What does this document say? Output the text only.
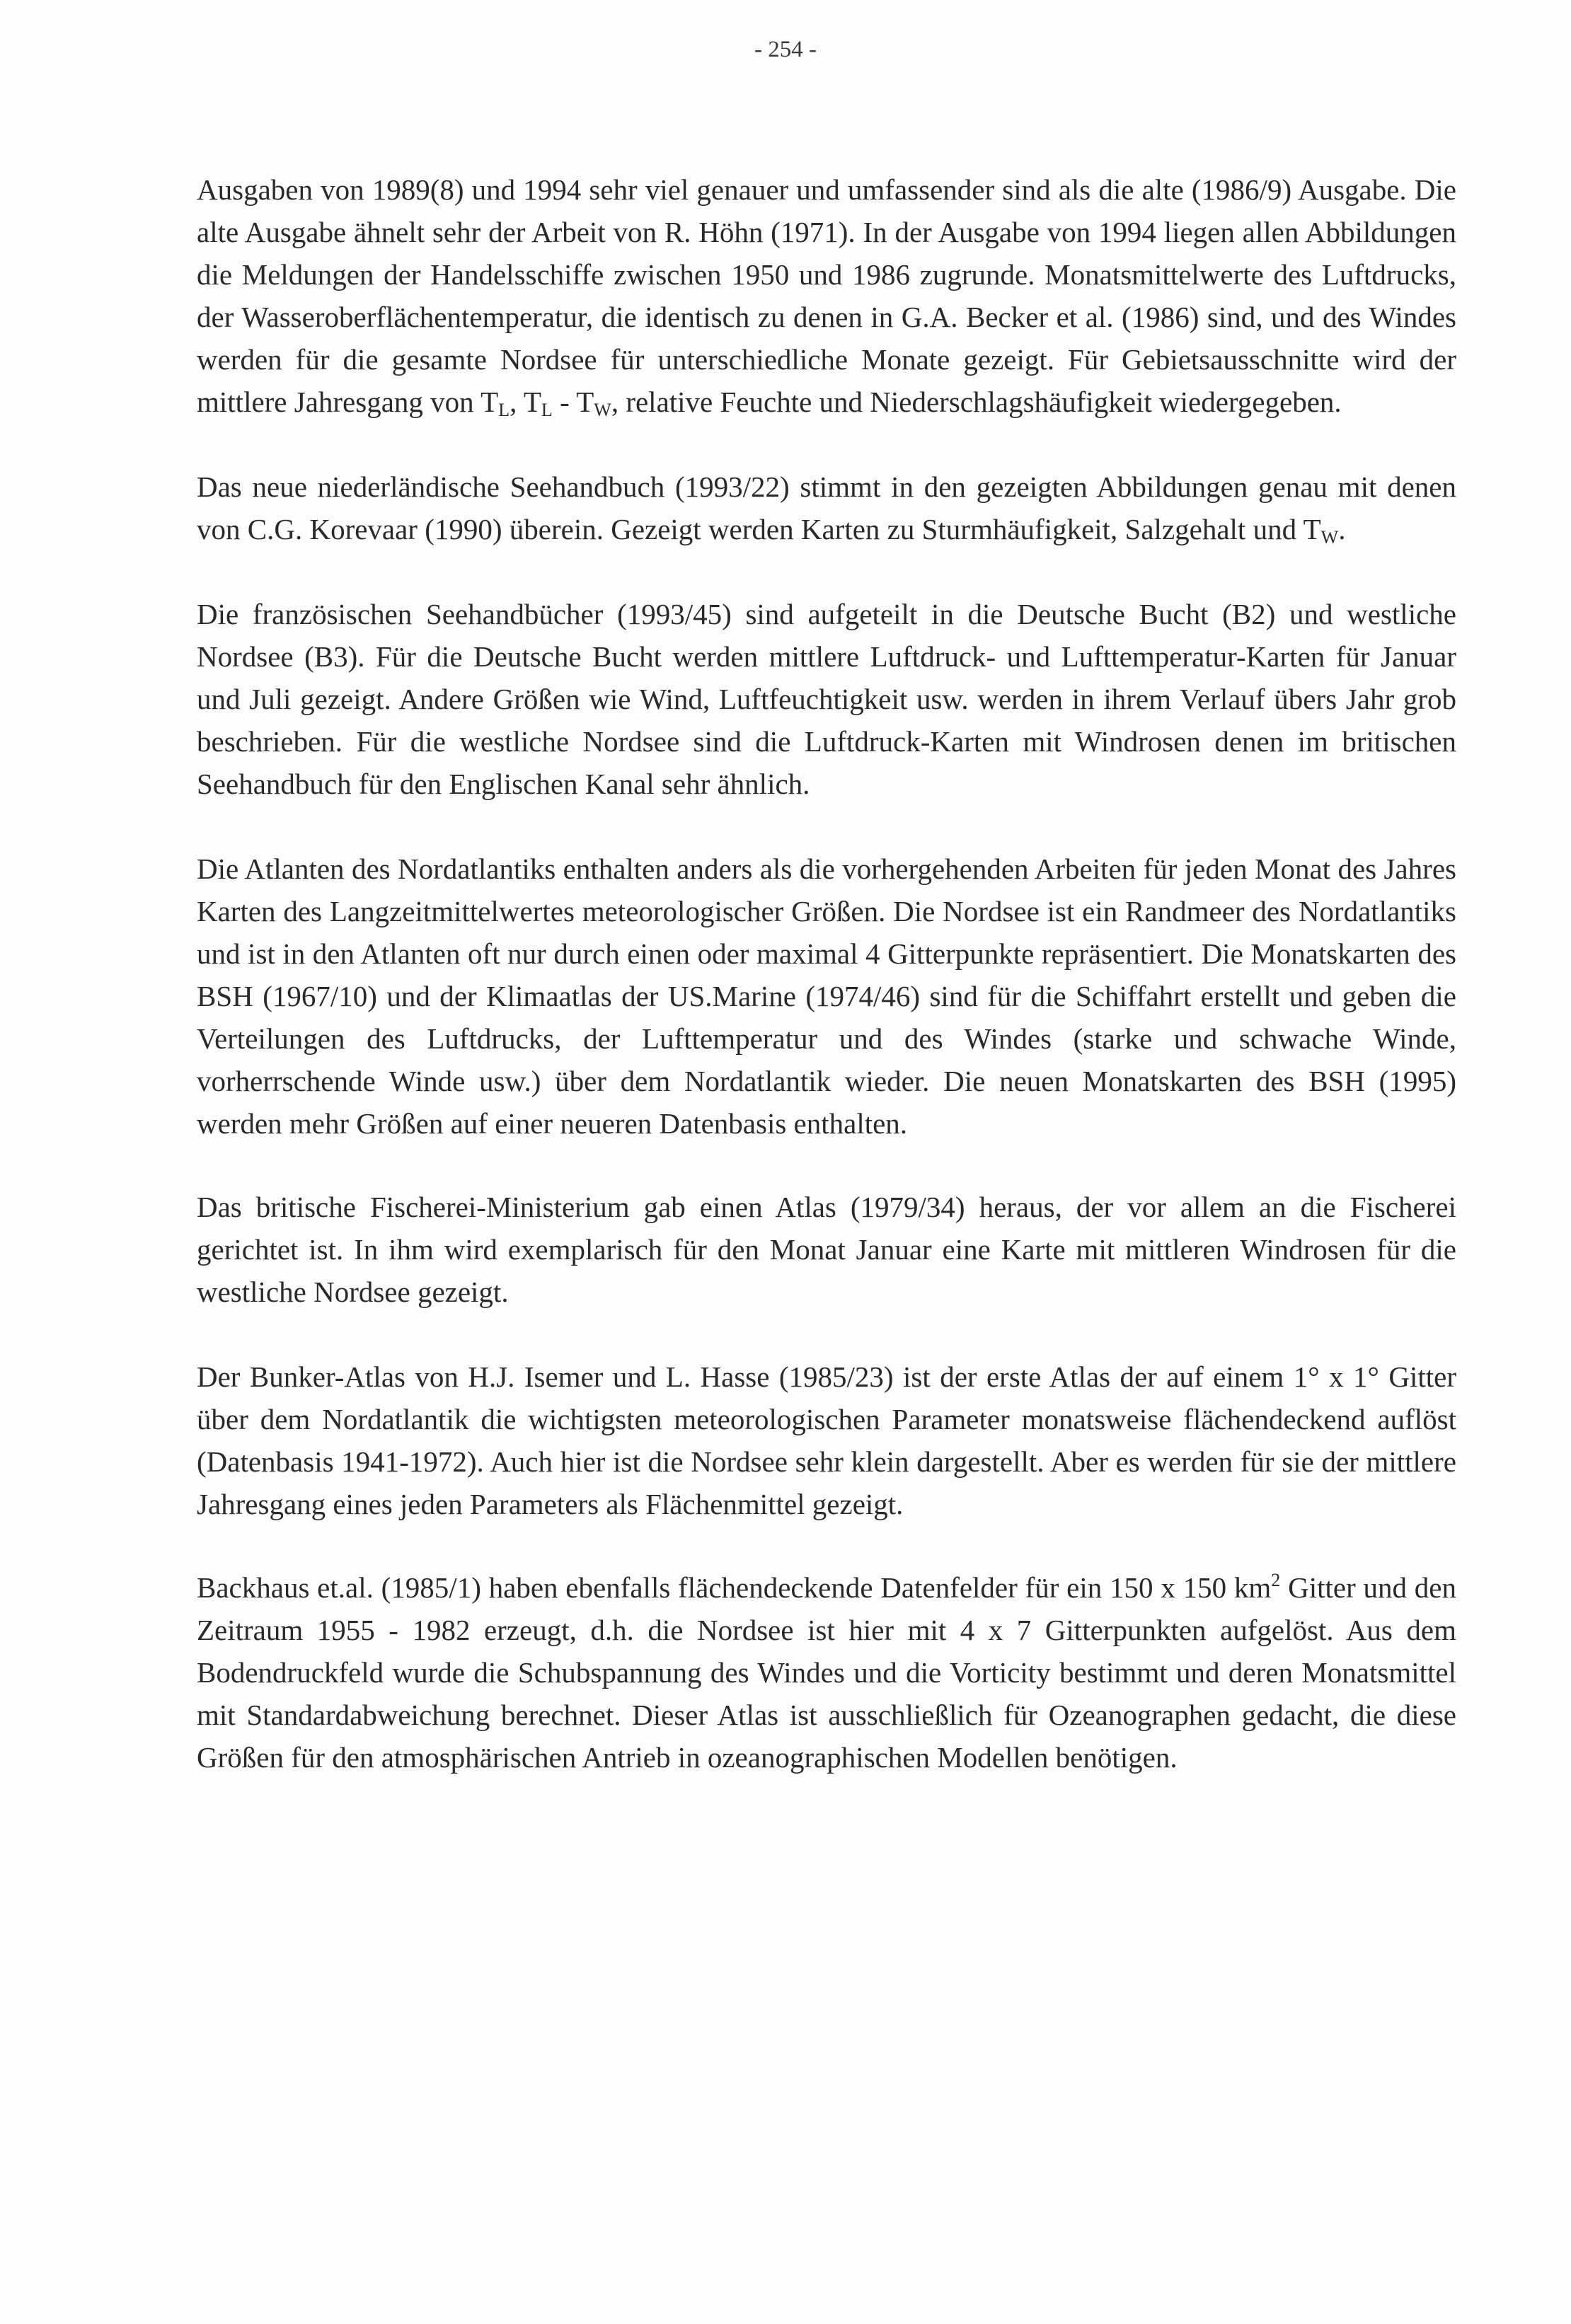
- 254 -

Ausgaben von 1989(8) und 1994 sehr viel genauer und umfassender sind als die alte (1986/9) Ausgabe. Die alte Ausgabe ähnelt sehr der Arbeit von R. Höhn (1971). In der Ausgabe von 1994 liegen allen Abbildungen die Meldungen der Handelsschiffe zwischen 1950 und 1986 zugrunde. Monatsmittelwerte des Luftdrucks, der Wasseroberflächentemperatur, die identisch zu denen in G.A. Becker et al. (1986) sind, und des Windes werden für die gesamte Nordsee für unterschiedliche Monate gezeigt. Für Gebietsausschnitte wird der mittlere Jahresgang von $T_L$, $T_L - T_W$, relative Feuchte und Niederschlagshäufigkeit wiedergegeben.

Das neue niederländische Seehandbuch (1993/22) stimmt in den gezeigten Abbildungen genau mit denen von C.G. Korevaar (1990) überein. Gezeigt werden Karten zu Sturmhäufigkeit, Salzgehalt und $T_W$.

Die französischen Seehandbücher (1993/45) sind aufgeteilt in die Deutsche Bucht (B2) und westliche Nordsee (B3). Für die Deutsche Bucht werden mittlere Luftdruck- und Lufttemperatur-Karten für Januar und Juli gezeigt. Andere Größen wie Wind, Luftfeuchtigkeit usw. werden in ihrem Verlauf übers Jahr grob beschrieben. Für die westliche Nordsee sind die Luftdruck-Karten mit Windrosen denen im britischen Seehandbuch für den Englischen Kanal sehr ähnlich.

Die Atlanten des Nordatlantiks enthalten anders als die vorhergehenden Arbeiten für jeden Monat des Jahres Karten des Langzeitmittelwertes meteorologischer Größen. Die Nordsee ist ein Randmeer des Nordatlantiks und ist in den Atlanten oft nur durch einen oder maximal 4 Gitterpunkte repräsentiert. Die Monatskarten des BSH (1967/10) und der Klimaatlas der US.Marine (1974/46) sind für die Schiffahrt erstellt und geben die Verteilungen des Luftdrucks, der Lufttemperatur und des Windes (starke und schwache Winde, vorherrschende Winde usw.) über dem Nordatlantik wieder. Die neuen Monatskarten des BSH (1995) werden mehr Größen auf einer neueren Datenbasis enthalten.

Das britische Fischerei-Ministerium gab einen Atlas (1979/34) heraus, der vor allem an die Fischerei gerichtet ist. In ihm wird exemplarisch für den Monat Januar eine Karte mit mittleren Windrosen für die westliche Nordsee gezeigt.

Der Bunker-Atlas von H.J. Isemer und L. Hasse (1985/23) ist der erste Atlas der auf einem 1° x 1° Gitter über dem Nordatlantik die wichtigsten meteorologischen Parameter monatsweise flächendeckend auflöst (Datenbasis 1941-1972). Auch hier ist die Nordsee sehr klein dargestellt. Aber es werden für sie der mittlere Jahresgang eines jeden Parameters als Flächenmittel gezeigt.

Backhaus et.al. (1985/1) haben ebenfalls flächendeckende Datenfelder für ein 150 x 150 $km^2$ Gitter und den Zeitraum 1955 - 1982 erzeugt, d.h. die Nordsee ist hier mit 4 x 7 Gitterpunkten aufgelöst. Aus dem Bodendruckfeld wurde die Schubspannung des Windes und die Vorticity bestimmt und deren Monatsmittel mit Standardabweichung berechnet. Dieser Atlas ist ausschließlich für Ozeanographen gedacht, die diese Größen für den atmosphärischen Antrieb in ozeanographischen Modellen benötigen.
